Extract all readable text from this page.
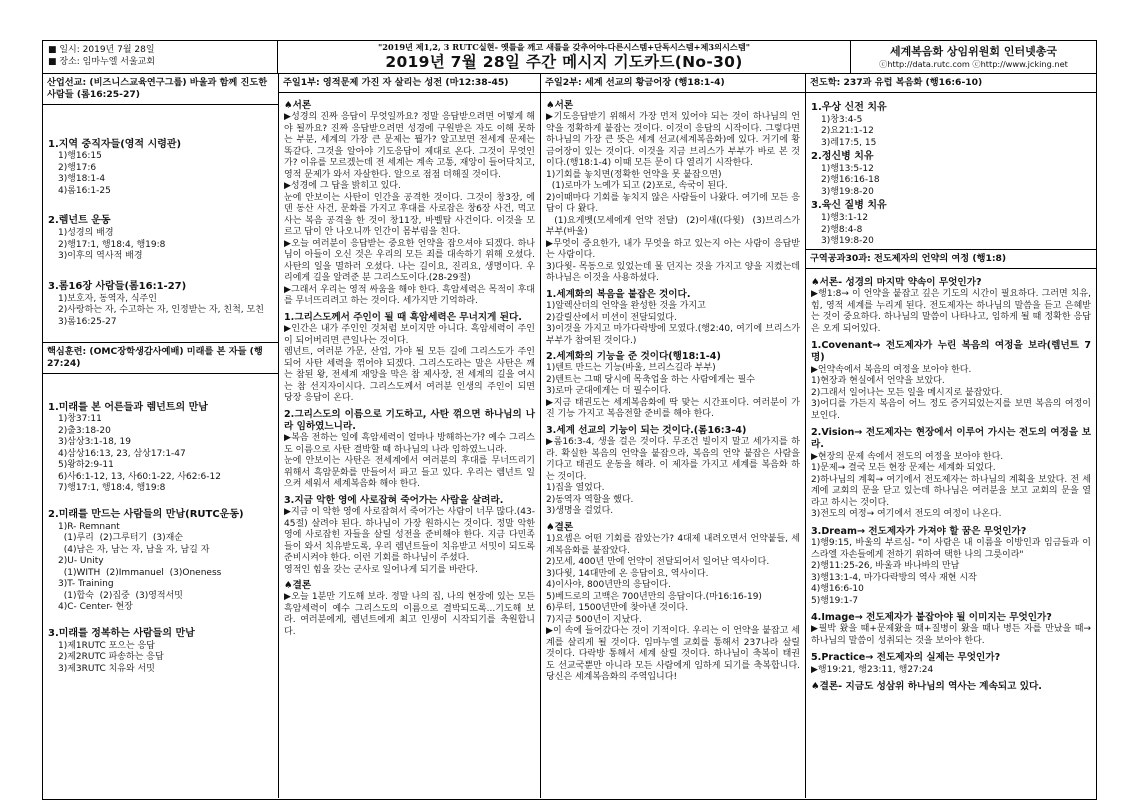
■ 일시: 2019년 7월 28일
■ 장소: 임마누엘 서울교회
"2019년 제1,2, 3 RUTC실현- 옛틀을 깨고 새틀을 갖추어야-다른시스템+단독시스템+제3의시스템"
2019년 7월 28일 주간 메시지 기도카드(No-30)
세계복음화 상임위원회 인터넷총국
ⓒhttp://data.rutc.com ⓒhttp://www.jcking.net
산업선교: (비즈니스교육연구그룹) 바울과 함께 진도한 사람들 (롬16:25-27)
1.지역 중직자들(영적 시령관)
1)행16:15
2)행17:6
3)행18:1-4
4)롬16:1-25
2.렘넌트 운동
1)성경의 배경
2)행17:1, 행18:4, 행19:8
3)이후의 역사적 배경
3.롬16장 사람들(롬16:1-27)
1)보호자, 동역자, 식주인
2)사랑하는 자, 수고하는 자, 인정받는 자, 친척, 모친
3)롬16:25-27
핵심훈련: (OMC장학생감사예배) 미래를 본 자들 (행27:24)
1.미래를 본 어른들과 렘넌트의 만남
1)창37:11
2)출3:18-20
3)삼상3:1-18, 19
4)삼상16:13, 23, 삼상17:1-47
5)왕하2:9-11
6)사6:1-12, 13, 사60:1-22, 사62:6-12
7)행17:1, 행18:4, 행19:8
2.미래를 만드는 사람들의 만남(RUTC운동)
1)R- Remnant
(1)루리  (2)그루터기  (3)재순
(4)남은 자, 남는 자, 남을 자, 남길 자
2)U- Unity
(1)WITH  (2)Immanuel  (3)Oneness
3)T- Training
(1)합숙  (2)집중  (3)영적서밋
4)C- Center- 현장
3.미래를 정복하는 사람들의 만남
1)제1RUTC 포으는 응답
2)제2RUTC 파송하는 응답
3)제3RUTC 치유와 서밋
주일1부: 영적문제 가진 자 살리는 성전 (마12:38-45)
♠서론
▶성경의 진짜 응답이 무엇일까요? 정말 응답받으려면 어떻게 해야 될까요? 진짜 응답받으려면 성경에 구원받은 자도 이해 못하는 부분, 세계의 가장 큰 문제는 뭘가? 알고보면 전세계 문제는 똑같다. 그것을 알아야 기도응답이 제대로 온다. 그것이 무엇인가? 이유를 모르겠는데 전 세계는 계속 고통, 재앙이 들어닥치고, 영적 문제가 와서 자살한다. 알으로 점점 더해질 것이다.
▶성경에 그 답을 밝히고 있다.
눈에 안보이는 사탄이 인간을 공격한 것이다. 그것이 창3장, 에덴 동산 사건, 문화를 가지고 후대를 사로잡은 창6장 사건, 먹고 사는 복음 공격을 한 것이 창11장, 바벨탑 사건이다. 이것을 모르고 답이 안 나오니까 인간이 몸부림을 친다.
▶오늘 여러분이 응답받는 중요한 언약을 잡으셔야 되겠다. 하나님이 아들이 오신 것은 우리의 모든 죄를 대속하기 위해 오셨다. 사탄의 일을 멸하러 오셨다. 나는 길이요, 진리요, 생명이다. 우리에게 길을 알려준 분 그리스도이다.(28-29절)
▶그래서 우리는 영적 싸움을 해야 한다. 흑암세력은 목적이 후대를 무너뜨리려고 하는 것이다. 세가지만 기억하라.
1.그리스도께서 주인이 될 때 흑암세력은 무너지게 된다.
▶인간은 내가 주인인 것처럼 보이지만 아니다. 흑암세력이 주인이 되어버리면 큰일나는 것이다.
렘넌트, 여러분 가문, 산업, 가야 될 모든 길에 그리스도가 주인 되어 사탄 세력을 꺾어야 되겠다. 그리스도라는 말은 사탄은 깨는 참된 왕, 전세계 재앙을 막은 참 제사장, 전 세계의 길을 여시는 참 선지자이시다. 그리스도께서 여러분 인생의 주인이 되면 당장 응답이 온다.
2.그리스도의 이름으로 기도하고, 사탄 꺾으면 하나님의 나라 임하였느니라.
▶복음 전하는 일에 흑암세력이 얼마나 방해하는가? 예수 그리스도 이름으로 사탄 결박할 때 하나님의 나라 임하였느니라.
눈에 안보이는 사탄은 전세계에서 여러분의 후대를 무너뜨리기 위해서 흑암문화를 만들어서 파고 들고 있다. 우리는 렘넌트 일으켜 세워서 세계복음화 해야 한다.
3.지금 악한 영에 사로잡혀 죽어가는 사람을 살려라.
▶지금 이 악한 영에 사로잡혀서 죽어가는 사람이 너무 많다.(43-45절) 살려야 된다. 하나님이 가장 원하시는 것이다. 정말 악한 영에 사로잡힌 자들을 살릴 성전을 준비해야 한다. 지금 다민족들이 와서 치유받도록, 우리 렘넌트들이 치유받고 서밋이 되도록 준비시켜야 한다. 이런 기회를 하나님이 주셨다.
영적인 힘을 갖는 군사로 일어나게 되기를 바란다.
♠결론
▶오늘 1분만 기도해 보라. 정말 나의 집, 나의 현장에 있는 모든 흑암세력이 예수 그리스도의 이름으로 결박되도록...기도해 보라. 여러분에게, 렘넌트에게 최고 인생이 시작되기를 축원합니다.
주일2부: 세계 선교의 황금어장 (행18:1-4)
♠서론
▶기도응답받기 위해서 가장 먼저 있어야 되는 것이 하나님의 언약을 정확하게 붙잡는 것이다. 이것이 응답의 시작이다. 그렇다면 하나님의 가장 큰 뜻은 세계 선교(세계복음화)에 있다. 거기에 황금어장이 있는 것이다. 이것을 지금 브리스가 부부가 바로 본 것이다.(행18:1-4) 이때 모든 문이 다 열리기 시작한다.
1)기회를 놓치면(정확한 언약을 못 붙잡으면)
(1)로마가 노예가 되고 (2)포로, 속국이 된다.
2)이때마다 기회를 놓치지 않은 사람들이 나왔다. 여기에 모든 응답이 다 왔다.
(1)요게벳(모세에게 언약 전달)  (2)이새((다윗)  (3)브리스가 부부(바울)
▶무엇이 중요한가, 내가 무엇을 하고 있는지 아는 사람이 응답받는 사람이다.
3)다윗- 목동으로 있었는데 물 던지는 것을 가지고 양을 지켰는데 하나님은 이것을 사용하셨다.
1.세계화의 복음을 붙잡은 것이다.
1)알렉산더의 언약을 완성한 것을 가지고
2)갈릴산에서 미션이 전달되었다.
3)이것을 가지고 마가다락방에 모였다.(행2:40, 여기에 브리스가 부부가 참여된 것이다.)
2.세계화의 기능을 준 것이다(행18:1-4)
1)텐트 만드는 기능(바울, 브리스길라 부부)
2)텐트는 그때 당시에 목축업을 하는 사람에게는 필수
3)로마 군대에게는 더 필수이다.
▶지금 태권도는 세계복음화에 딱 맞는 시간표이다. 여러분이 가진 기능 가지고 복음전할 준비를 해야 한다.
3.세계 선교의 기능이 되는 것이다.(롬16:3-4)
▶롬16:3-4, 생을 걸은 것이다. 무조건 빌이지 말고 세가지를 하라. 확실한 복음의 언약을 붙잡으라, 복음의 언약 붙잡은 사람을 기다고 태권도 운동을 해라. 이 제자를 가지고 세계를 복음화 하는 것이다.
1)집을 열었다.
2)동역자 역할을 했다.
3)생명을 걸었다.
♠결론
1)요셉은 어떤 기회를 잡았는가? 4대제 내려오면서 언약붙들, 세계복음화를 붙잡았다.
2)모세, 400년 만에 언약이 전달되어서 일어난 역사이다.
3)다윗, 14대만에 온 응답이요, 역사이다.
4)이사야, 800년만의 응답이다.
5)베드로의 고백은 700년만의 응답이다.(마16:16-19)
6)루터, 1500년만에 찾아낸 것이다.
7)지금 500년이 지났다.
▶이 속에 들어갔다는 것이 기적이다. 우리는 이 언약을 붙잡고 세계를 살리게 될 것이다. 임마누엘 교회를 통해서 237나라 살릴 것이다. 다락방 통해서 세계 살릴 것이다. 하나님이 축복이 태권도 선교국뿐만 아니라 모든 사람에게 임하게 되기를 축복합니다. 당신은 세계복음화의 주역입니다!
전도학: 237과 유럽 복음화 (행16:6-10)
1.우상 신전 치유
1)창3:4-5
2)요21:1-12
3)레17:5, 15
2.정신병 치유
1)행13:5-12
2)행16:16-18
3)행19:8-20
3.육신 질병 치유
1)행3:1-12
2)행8:4-8
3)행19:8-20
구역공과30과: 전도제자의 언약의 여정 (행1:8)
♠서론- 성경의 마지막 약속이 무엇인가?
▶행1:8→ 이 언약을 붙잡고 깊은 기도의 시간이 필요하다. 그러면 치유, 힘, 영적 세계를 누리게 된다. 전도제자는 하나님의 말씀을 듣고 은혜받는 것이 중요하다. 하나님의 말씀이 나타나고, 임하게 될 때 정확한 응답은 오게 되어있다.
1.Covenant→ 전도제자가 누린 복음의 여정을 보라(렘넌트 7명)
▶언약속에서 복음의 여정을 보아야 한다.
1)현장과 현실에서 언약을 보았다.
2)그래서 일어나는 모든 일을 메시지로 붙잡았다.
3)어디를 가든지 복음이 어느 정도 증거되었는지를 보면 복음의 여정이 보인다.
2.Vision→ 전도제자는 현장에서 이루어 가시는 전도의 여정을 보라.
▶현장의 문제 속에서 전도의 여정을 보아야 한다.
1)문제→ 결국 모든 현장 문제는 세계화 되었다.
2)하나님의 계획→ 여기에서 전도제자는 하나님의 계획을 보았다. 전 세계에 교회의 문을 닫고 있는데 하나님은 여러분을 보고 교회의 문을 열라고 하시는 것이다.
3)전도의 여정→ 여기에서 전도의 여정이 나온다.
3.Dream→ 전도제자가 가져야 할 꿈은 무엇인가?
1)행9:15, 바울의 부르심- "이 사람은 내 이름을 이방인과 임금들과 이스라엘 자손들에게 전하기 위하여 택한 나의 그릇이라"
2)행11:25-26, 바울과 바나바의 만남
3)행13:1-4, 마가다락방의 역사 재현 시작
4)행16:6-10
5)행19:1-7
4.Image→ 전도제자가 붙잡아야 될 이미지는 무엇인가?
▶필박 왔을 때+문제왔을 때+질병이 왔을 때나 병든 자를 만났을 때→ 하나님의 말씀이 성취되는 것을 보아야 한다.
5.Practice→ 전도제자의 실제는 무엇인가?
▶행19:21, 행23:11, 행27:24
♠결론- 지금도 성삼위 하나님의 역사는 계속되고 있다.
